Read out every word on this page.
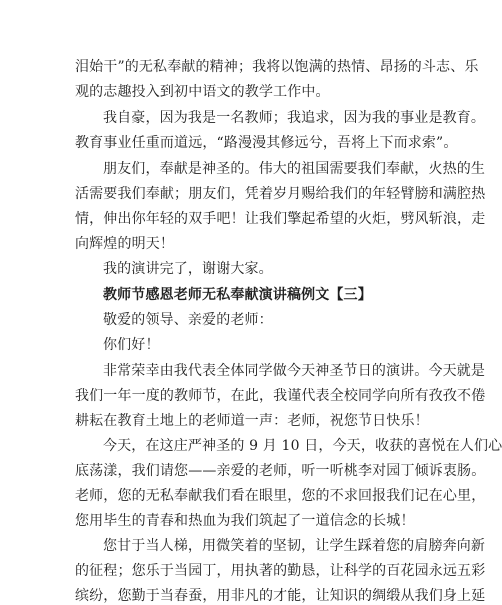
泪始干”的无私奉献的精神；我将以饱满的热情、昂扬的斗志、乐
观的志趣投入到初中语文的教学工作中。
我自豪，因为我是一名教师；我追求，因为我的事业是教育。
教育事业任重而道远，“路漫漫其修远兮，吾将上下而求索”。
朋友们，奉献是神圣的。伟大的祖国需要我们奉献，火热的生
活需要我们奉献；朋友们，凭着岁月赐给我们的年轻臂膀和满腔热
情，伸出你年轻的双手吧！让我们擎起希望的火炬，劈风斩浪，走
向辉煌的明天！
我的演讲完了，谢谢大家。
教师节感恩老师无私奉献演讲稿例文【三】
敬爱的领导、亲爱的老师：
你们好！
非常荣幸由我代表全体同学做今天神圣节日的演讲。今天就是
我们一年一度的教师节，在此，我谨代表全校同学向所有孜孜不倦
耕耘在教育土地上的老师道一声：老师，祝您节日快乐！
今天，在这庄严神圣的 9 月 10 日，今天，收获的喜悦在人们心
底荡漾，我们请您——亲爱的老师，听一听桃李对园丁倾诉衷肠。
老师，您的无私奉献我们看在眼里，您的不求回报我们记在心里，
您用毕生的青春和热血为我们筑起了一道信念的长城！
您甘于当人梯，用微笑着的坚韧，让学生踩着您的肩膀奔向新
的征程；您乐于当园丁，用执著的勤恳，让科学的百花园永远五彩
缤纷，您勤于当春蚕，用非凡的才能，让知识的绸缎从我们身上延
